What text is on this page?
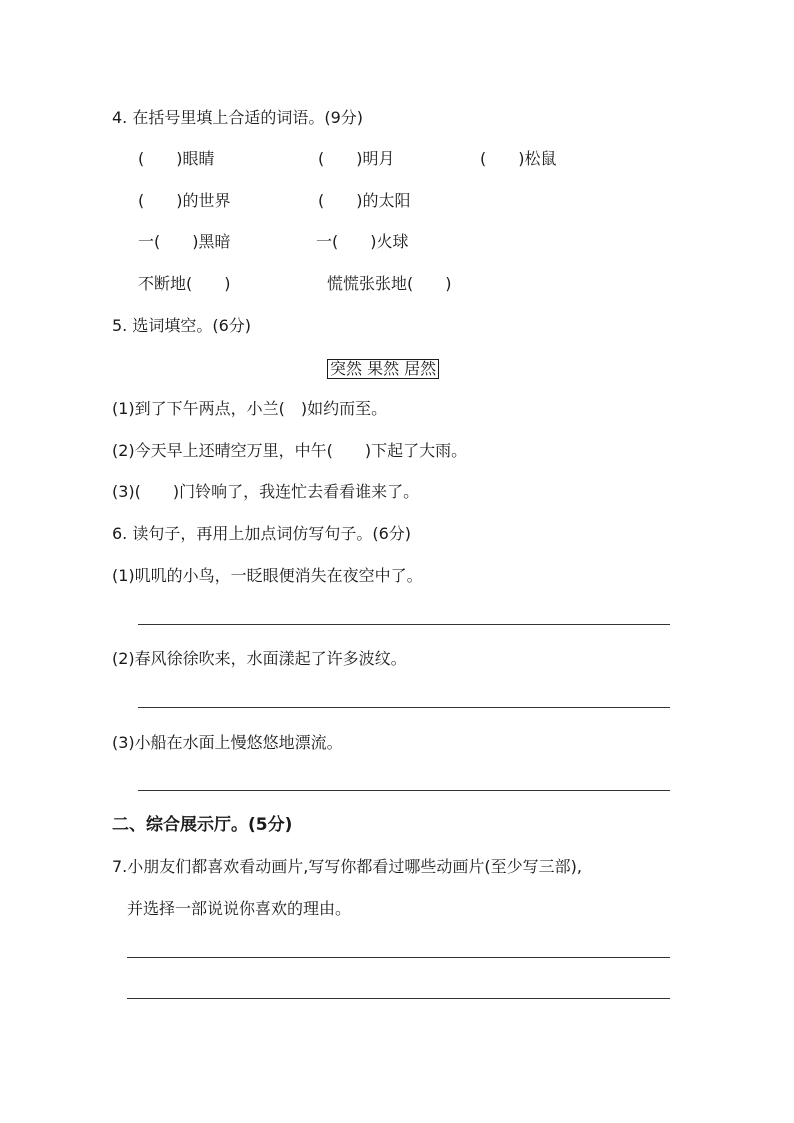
4. 在括号里填上合适的词语。(9分)
(　　)眼睛	(　　)明月	(　　)松鼠
(　　)的世界	(　　)的太阳
一(　　)黑暗	一(　　)火球
不断地(　　)	慌慌张张地(　　)
5. 选词填空。(6分)
突然 果然 居然
(1)到了下午两点，小兰(　)如约而至。
(2)今天早上还晴空万里，中午(　　)下起了大雨。
(3)(　　)门铃响了，我连忙去看看谁来了。
6. 读句子，再用上加点词仿写句子。(6分)
(1)叽叽的小鸟，一眨眼便消失在夜空中了。
(2)春风徐徐吹来，水面漾起了许多波纹。
(3)小船在水面上慢悠悠地漂流。
二、综合展示厅。(5分)
7.小朋友们都喜欢看动画片,写写你都看过哪些动画片(至少写三部),
并选择一部说说你喜欢的理由。
